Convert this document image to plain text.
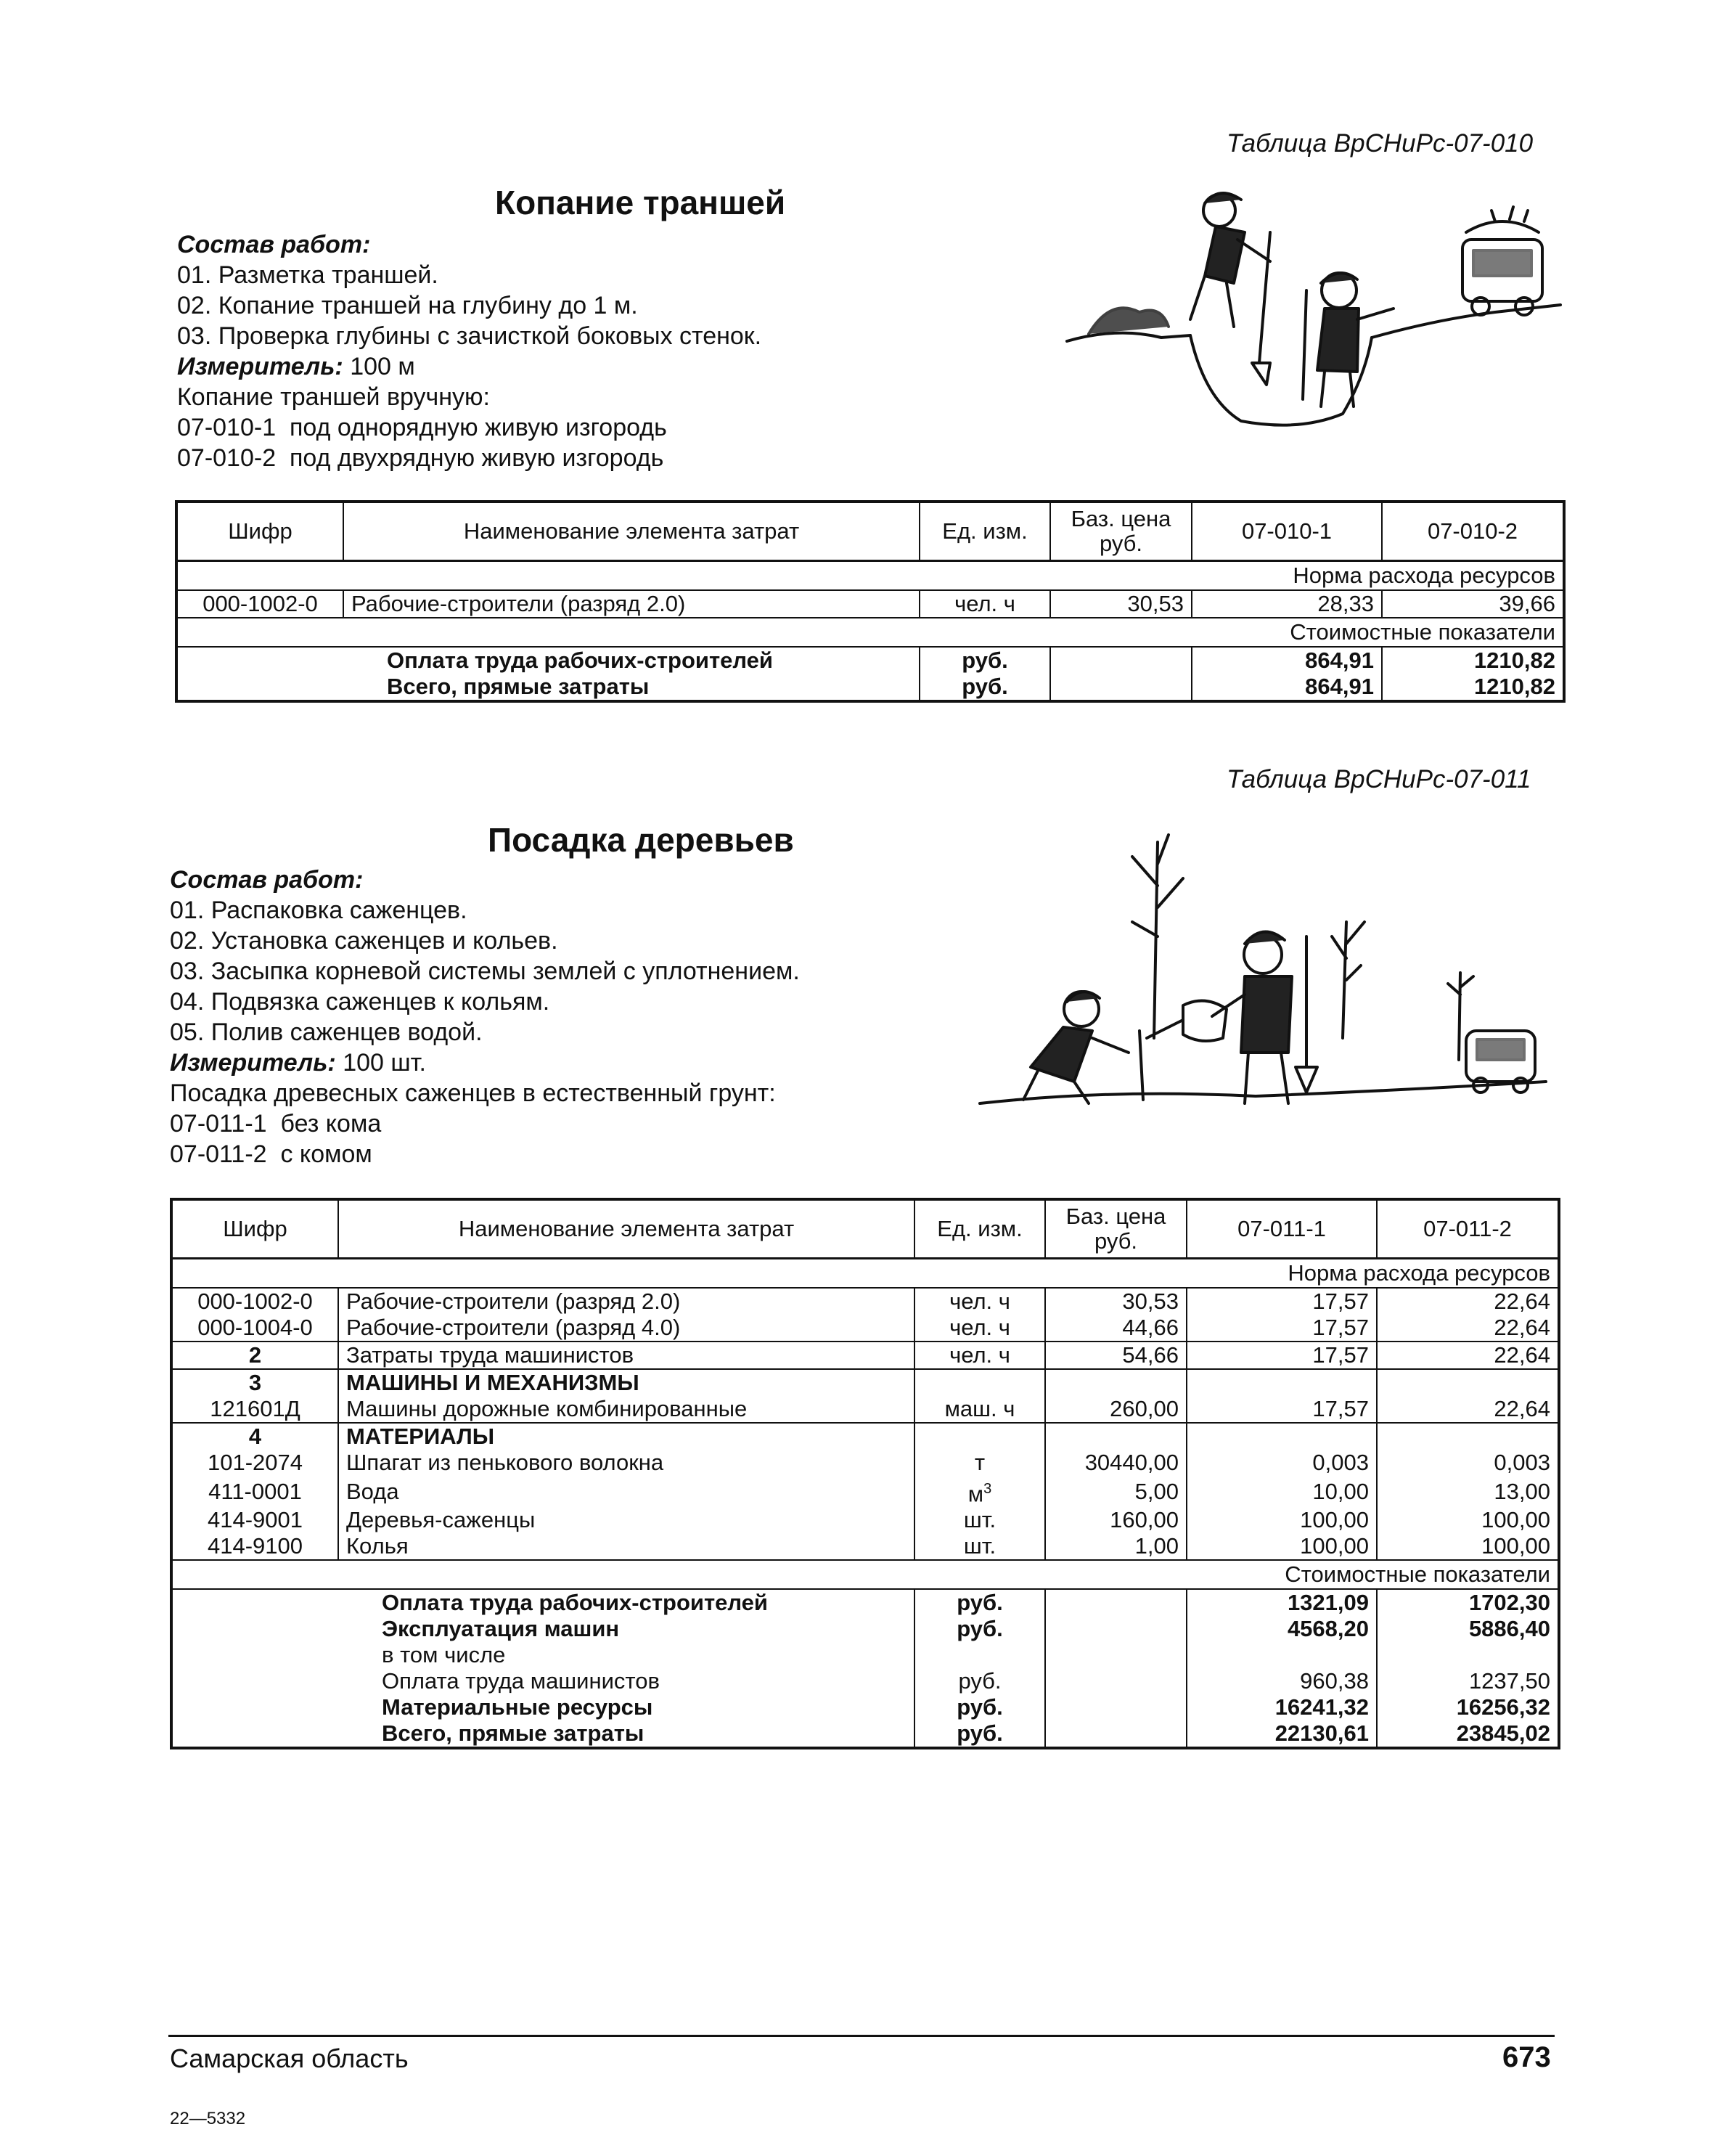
Таблица ВрСНиРс-07-010
Копание траншей
Состав работ:
01. Разметка траншей.
02. Копание траншей на глубину до 1 м.
03. Проверка глубины с зачисткой боковых стенок.
Измеритель: 100 м
Копание траншей вручную:
07-010-1 под однорядную живую изгородь
07-010-2 под двухрядную живую изгородь
Шифр	Наименование элемента затрат	Ед. изм.	Баз. цена руб.	07-010-1	07-010-2
Норма расхода ресурсов					
000-1002-0	Рабочие-строители (разряд 2.0)	чел. ч	30,53	28,33	39,66
Стоимостные показатели					
	Оплата труда рабочих-строителей	руб.		864,91	1210,82
	Всего, прямые затраты	руб.		864,91	1210,82
Таблица ВрСНиРс-07-011
Посадка деревьев
Состав работ:
01. Распаковка саженцев.
02. Установка саженцев и кольев.
03. Засыпка корневой системы землей с уплотнением.
04. Подвязка саженцев к кольям.
05. Полив саженцев водой.
Измеритель: 100 шт.
Посадка древесных саженцев в естественный грунт:
07-011-1 без кома
07-011-2 с комом
Шифр	Наименование элемента затрат	Ед. изм.	Баз. цена руб.	07-011-1	07-011-2
Норма расхода ресурсов					
000-1002-0	Рабочие-строители (разряд 2.0)	чел. ч	30,53	17,57	22,64
000-1004-0	Рабочие-строители (разряд 4.0)	чел. ч	44,66	17,57	22,64
2	Затраты труда машинистов	чел. ч	54,66	17,57	22,64
3	МАШИНЫ И МЕХАНИЗМЫ				
121601Д	Машины дорожные комбинированные	маш. ч	260,00	17,57	22,64
4	МАТЕРИАЛЫ				
101-2074	Шпагат из пенькового волокна	т	30440,00	0,003	0,003
411-0001	Вода	$м^3$	5,00	10,00	13,00
414-9001	Деревья-саженцы	шт.	160,00	100,00	100,00
414-9100	Колья	шт.	1,00	100,00	100,00
Стоимостные показатели					
	Оплата труда рабочих-строителей	руб.		1321,09	1702,30
	Эксплуатация машин	руб.		4568,20	5886,40
	в том числе				
	Оплата труда машинистов	руб.		960,38	1237,50
	Материальные ресурсы	руб.		16241,32	16256,32
	Всего, прямые затраты	руб.		22130,61	23845,02
Самарская область	673
22—5332
